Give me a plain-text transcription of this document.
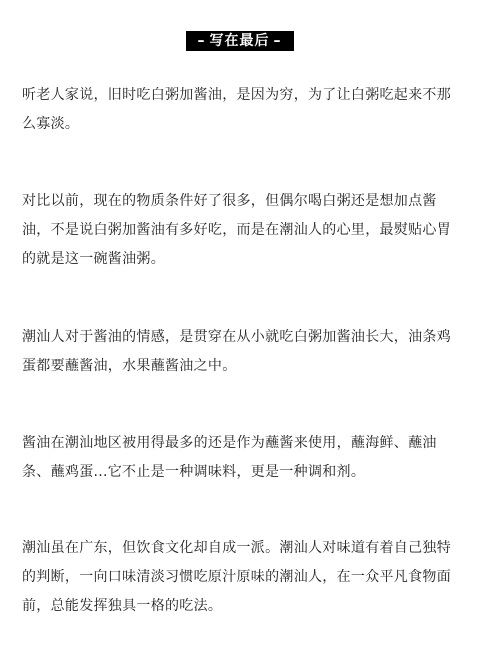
– 写在最后 –

听老人家说，旧时吃白粥加酱油，是因为穷，为了让白粥吃起来不那么寡淡。

对比以前，现在的物质条件好了很多，但偶尔喝白粥还是想加点酱油，不是说白粥加酱油有多好吃，而是在潮汕人的心里，最熨贴心胃的就是这一碗酱油粥。

潮汕人对于酱油的情感，是贯穿在从小就吃白粥加酱油长大，油条鸡蛋都要蘸酱油，水果蘸酱油之中。

酱油在潮汕地区被用得最多的还是作为蘸酱来使用，蘸海鲜、蘸油条、蘸鸡蛋...它不止是一种调味料，更是一种调和剂。

潮汕虽在广东，但饮食文化却自成一派。潮汕人对味道有着自己独特的判断，一向口味清淡习惯吃原汁原味的潮汕人，在一众平凡食物面前，总能发挥独具一格的吃法。
